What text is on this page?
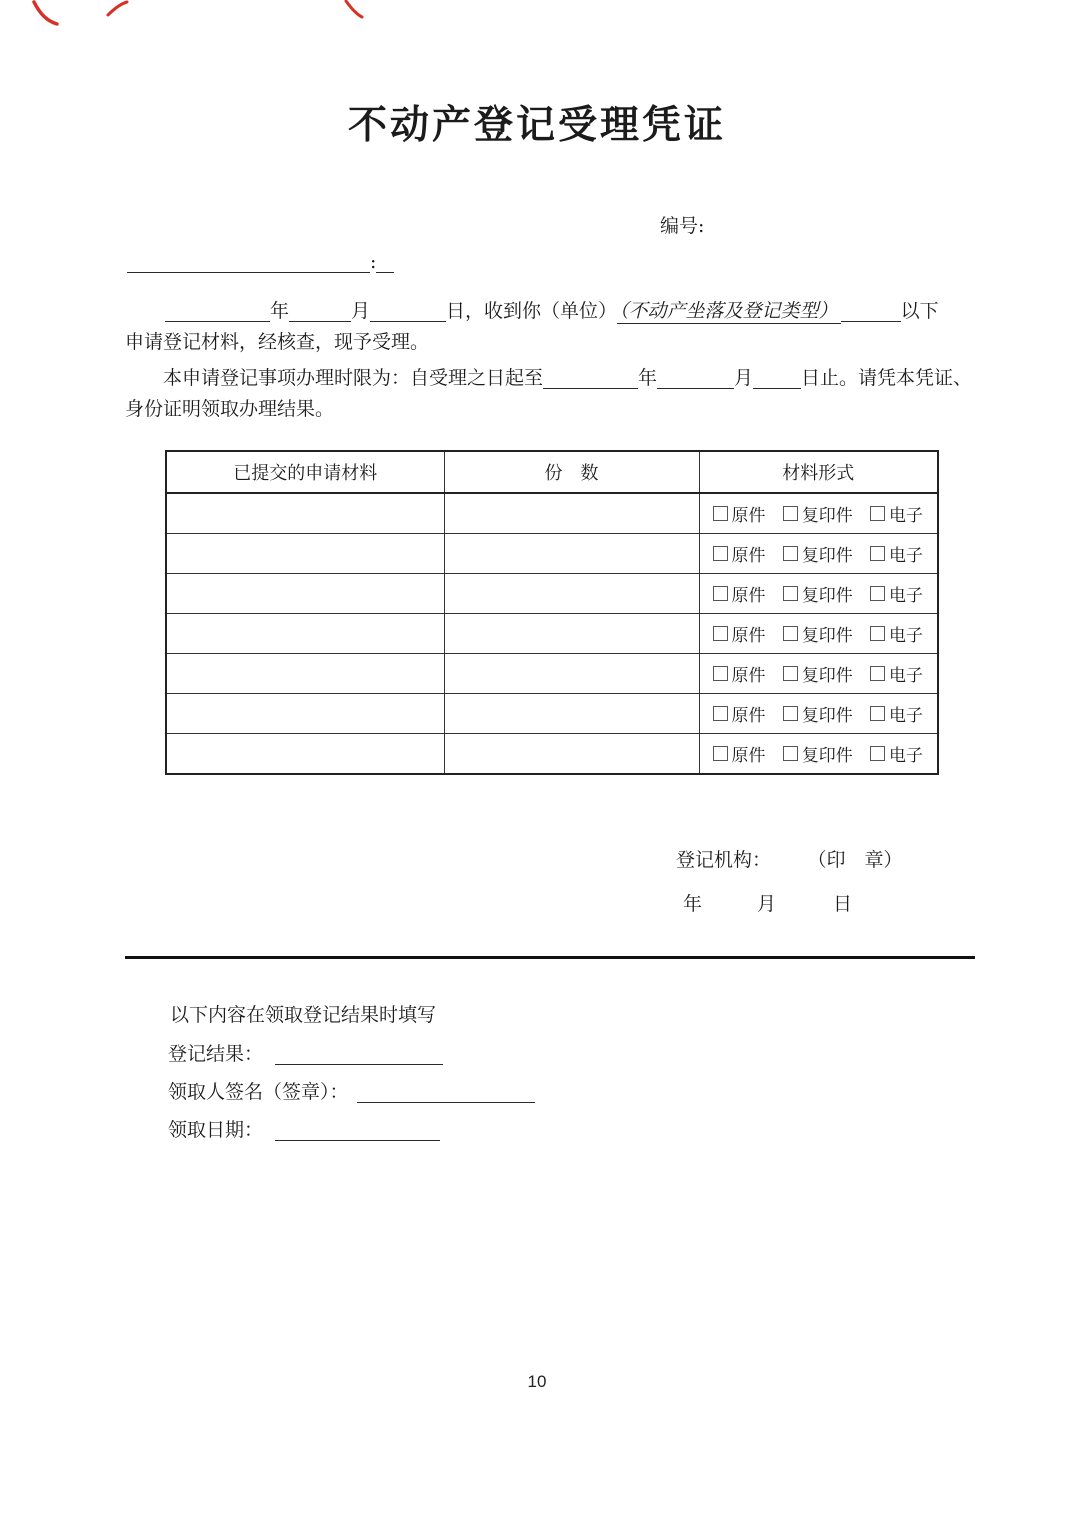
不动产登记受理凭证
编号:
:
年	月	日，收到你（单位） （不动产坐落及登记类型）	以下
申请登记材料，经核查，现予受理。
本申请登记事项办理时限为：自受理之日起至	年	月	日止。请凭本凭证、
身份证明领取办理结果。
已提交的申请材料	份　数	材料形式

		原件 复印件 电子

		原件 复印件 电子

		原件 复印件 电子

		原件 复印件 电子

		原件 复印件 电子

		原件 复印件 电子

		原件 复印件 电子
登记机构： （印　章）
年	月	日
以下内容在领取登记结果时填写
登记结果：
领取人签名（签章）：
领取日期：
10
